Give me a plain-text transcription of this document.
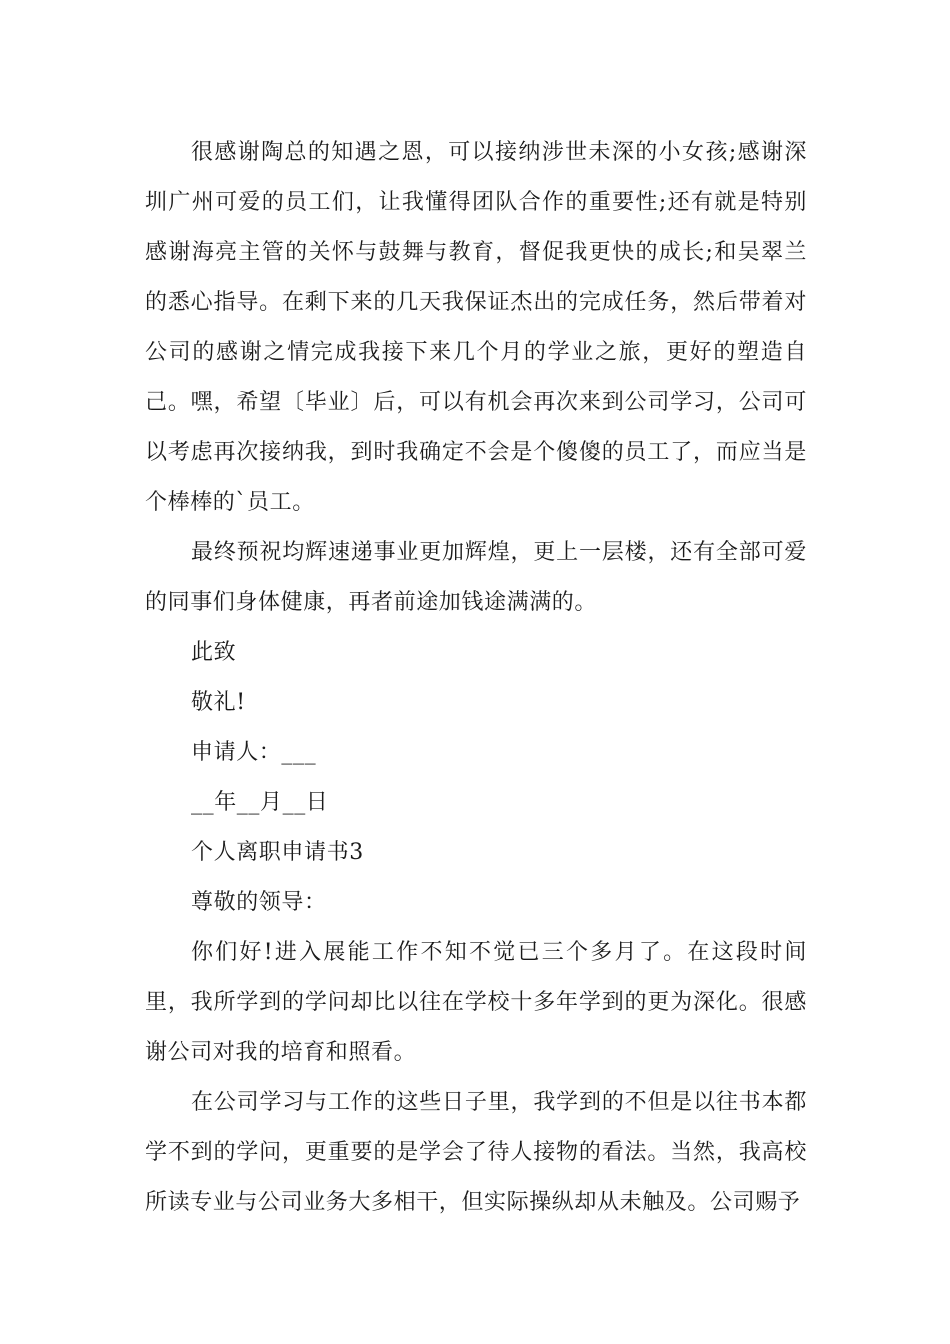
很感谢陶总的知遇之恩，可以接纳涉世未深的小女孩;感谢深圳广州可爱的员工们，让我懂得团队合作的重要性;还有就是特别感谢海亮主管的关怀与鼓舞与教育，督促我更快的成长;和吴翠兰的悉心指导。在剩下来的几天我保证杰出的完成任务，然后带着对公司的感谢之情完成我接下来几个月的学业之旅，更好的塑造自己。嘿，希望〔毕业〕后，可以有机会再次来到公司学习，公司可以考虑再次接纳我，到时我确定不会是个傻傻的员工了，而应当是个棒棒的`员工。

最终预祝均辉速递事业更加辉煌，更上一层楼，还有全部可爱的同事们身体健康，再者前途加钱途满满的。

此致

敬礼!

申请人：___

__年__月__日

个人离职申请书3

尊敬的领导：

你们好!进入展能工作不知不觉已三个多月了。在这段时间里，我所学到的学问却比以往在学校十多年学到的更为深化。很感谢公司对我的培育和照看。

在公司学习与工作的这些日子里，我学到的不但是以往书本都学不到的学问，更重要的是学会了待人接物的看法。当然，我高校所读专业与公司业务大多相干，但实际操纵却从未触及。公司赐予
